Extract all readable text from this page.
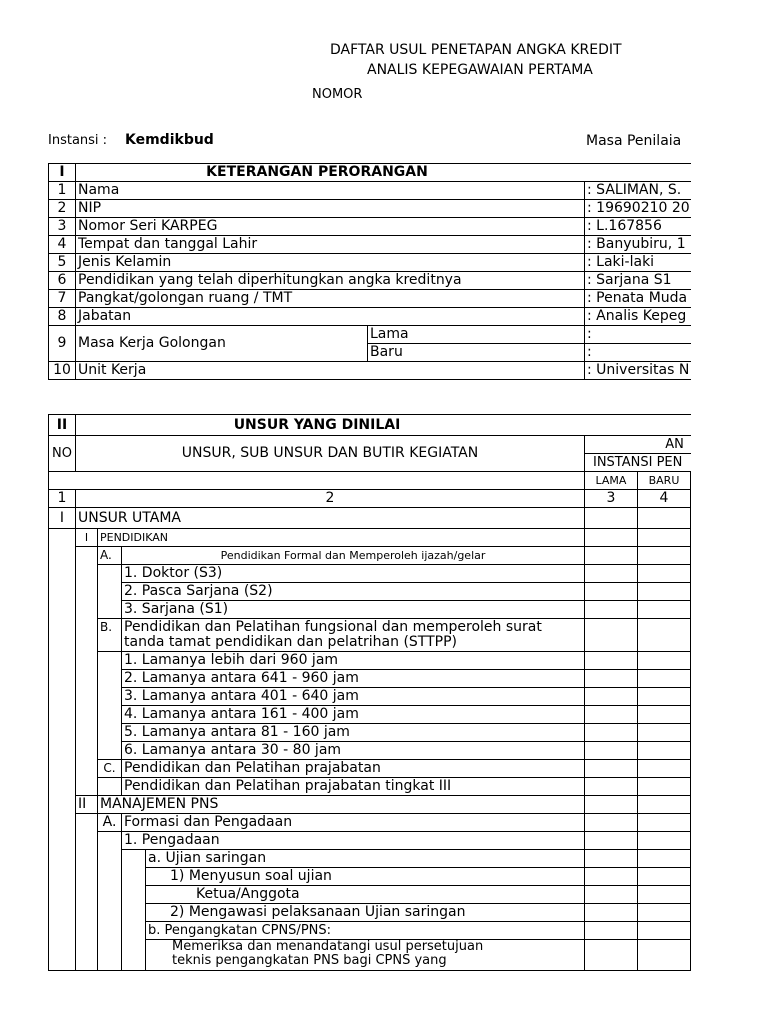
DAFTAR USUL PENETAPAN ANGKA KREDIT
ANALIS KEPEGAWAIAN PERTAMA
NOMOR
Instansi : Kemdikbud	Masa Penilaia
I	KETERANGAN PERORANGAN		
1	Nama		: SALIMAN, S.
2	NIP		: 19690210 20
3	Nomor Seri KARPEG		: L.167856
4	Tempat dan tanggal Lahir		: Banyubiru, 1
5	Jenis Kelamin		: Laki-laki
6	Pendidikan yang telah diperhitungkan angka kreditnya		: Sarjana S1
7	Pangkat/golongan ruang / TMT		: Penata Muda
8	Jabatan		: Analis Kepeg
9	Masa Kerja Golongan	Lama	:
		Baru	:
10	Unit Kerja		: Universitas N
II	UNSUR YANG DINILAI						
NO	UNSUR, SUB UNSUR DAN BUTIR KEGIATAN				AN		
					INSTANSI PEN		
					LAMA	BARU	
1	2				3	4	
I	UNSUR UTAMA						
	I	PENDIDIKAN					
		A.	Pendidikan Formal dan Memperoleh ijazah/gelar				
			1. Doktor (S3)				
			2. Pasca Sarjana (S2)				
			3. Sarjana (S1)				
		B.	Pendidikan dan Pelatihan fungsional dan memperoleh surat
tanda tamat pendidikan dan pelatrihan (STTPP)				

			1. Lamanya lebih dari 960 jam				
			2. Lamanya antara 641 - 960 jam				
			3. Lamanya antara 401 - 640 jam				
			4. Lamanya antara 161 - 400 jam				
			5. Lamanya antara 81 - 160 jam				
			6. Lamanya antara 30 - 80 jam				
		C.	Pendidikan dan Pelatihan prajabatan				
			Pendidikan dan Pelatihan prajabatan tingkat III				
	II	MANAJEMEN PNS					
		A.	Formasi dan Pengadaan				
			1. Pengadaan				
				a. Ujian saringan			
				1) Menyusun soal ujian			
				Ketua/Anggota			
				2) Mengawasi pelaksanaan Ujian saringan			
				b. Pengangkatan CPNS/PNS:			

				Memeriksa dan menandatangi usul persetujuan
teknis pengangkatan PNS bagi CPNS yang			
